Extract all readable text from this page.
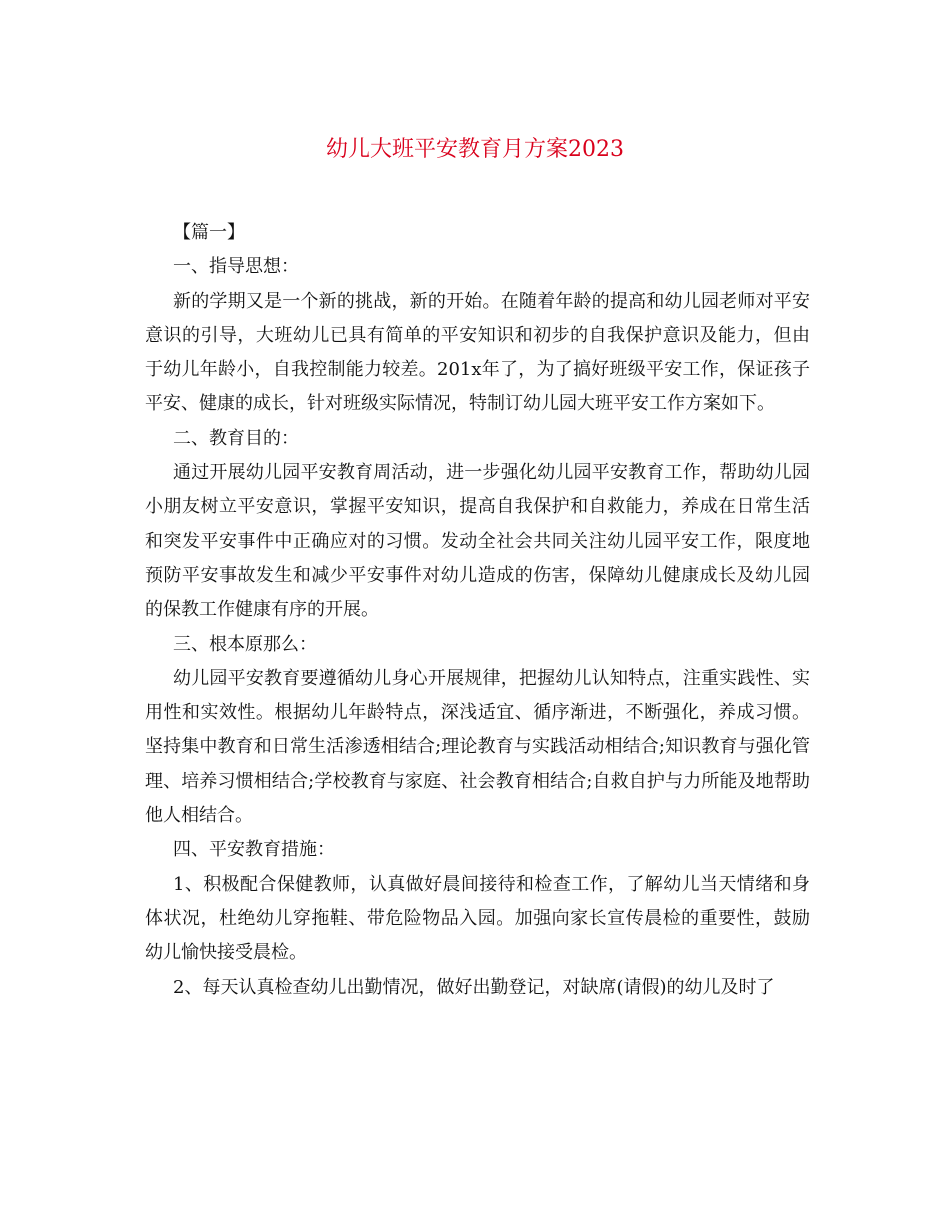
幼儿大班平安教育月方案2023

【篇一】

一、指导思想：

新的学期又是一个新的挑战，新的开始。在随着年龄的提高和幼儿园老师对平安意识的引导，大班幼儿已具有简单的平安知识和初步的自我保护意识及能力，但由于幼儿年龄小，自我控制能力较差。201x年了，为了搞好班级平安工作，保证孩子平安、健康的成长，针对班级实际情况，特制订幼儿园大班平安工作方案如下。

二、教育目的：

通过开展幼儿园平安教育周活动，进一步强化幼儿园平安教育工作，帮助幼儿园小朋友树立平安意识，掌握平安知识，提高自我保护和自救能力，养成在日常生活和突发平安事件中正确应对的习惯。发动全社会共同关注幼儿园平安工作，限度地预防平安事故发生和减少平安事件对幼儿造成的伤害，保障幼儿健康成长及幼儿园的保教工作健康有序的开展。

三、根本原那么：

幼儿园平安教育要遵循幼儿身心开展规律，把握幼儿认知特点，注重实践性、实用性和实效性。根据幼儿年龄特点，深浅适宜、循序渐进，不断强化，养成习惯。坚持集中教育和日常生活渗透相结合;理论教育与实践活动相结合;知识教育与强化管理、培养习惯相结合;学校教育与家庭、社会教育相结合;自救自护与力所能及地帮助他人相结合。

四、平安教育措施：

1、积极配合保健教师，认真做好晨间接待和检查工作，了解幼儿当天情绪和身体状况，杜绝幼儿穿拖鞋、带危险物品入园。加强向家长宣传晨检的重要性，鼓励幼儿愉快接受晨检。

2、每天认真检查幼儿出勤情况，做好出勤登记，对缺席(请假)的幼儿及时了
